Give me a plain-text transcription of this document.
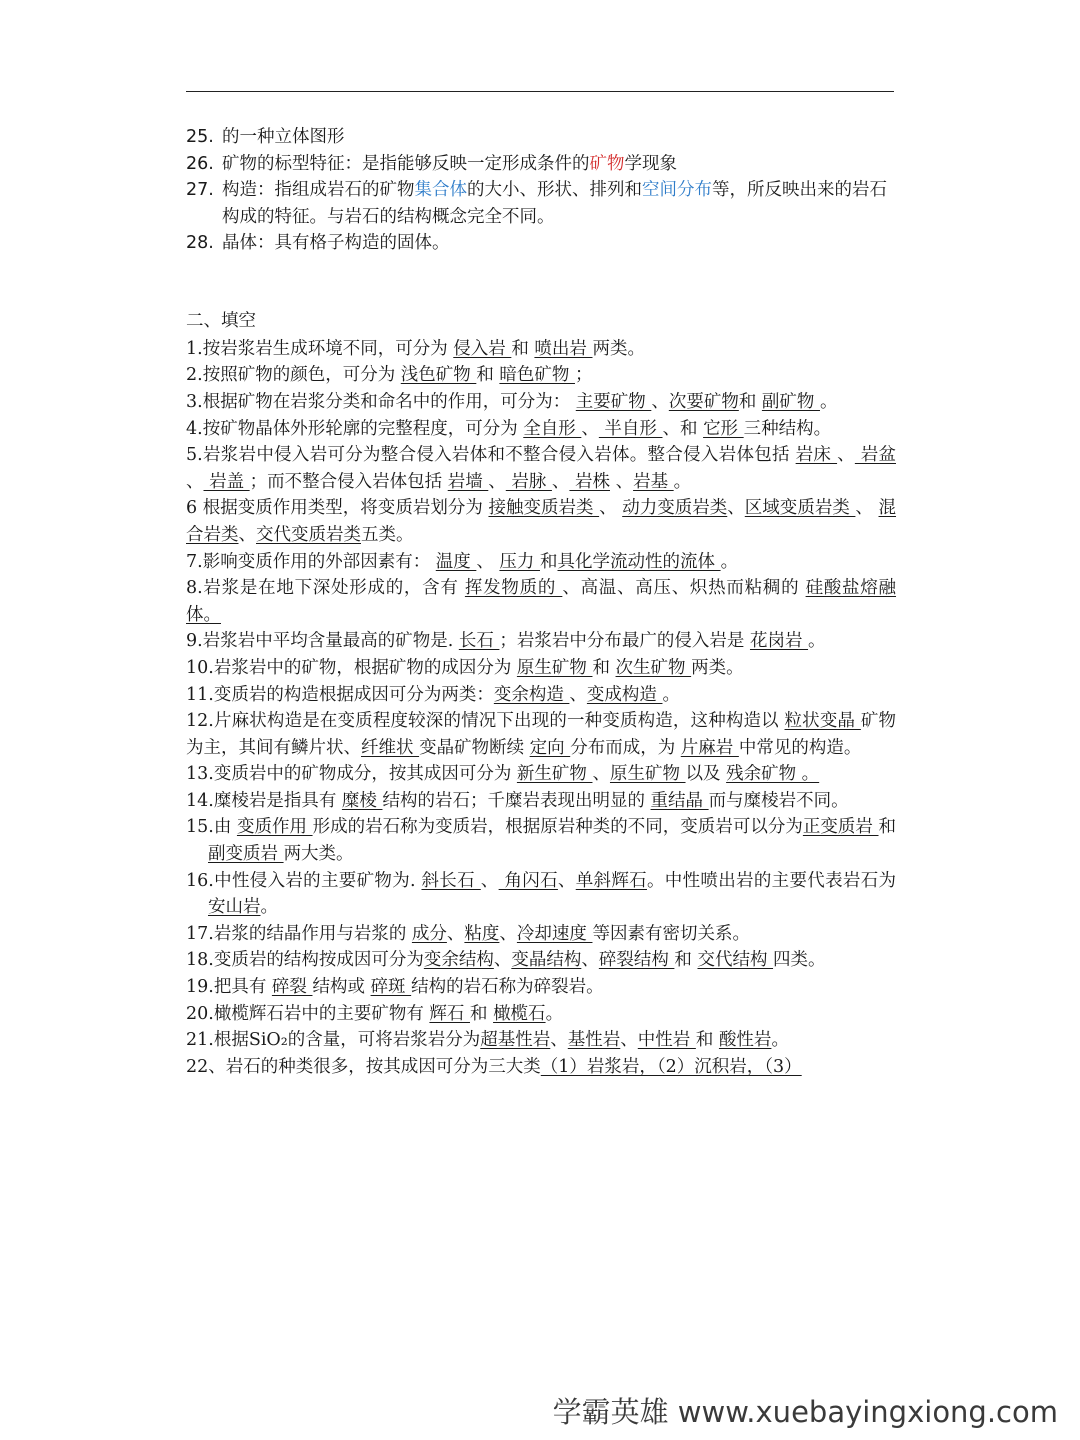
25. 的一种立体图形
26. 矿物的标型特征：是指能够反映一定形成条件的矿物学现象
27. 构造：指组成岩石的矿物集合体的大小、形状、排列和空间分布等，所反映出来的岩石构成的特征。与岩石的结构概念完全不同。
28. 晶体：具有格子构造的固体。
二、填空
1.按岩浆岩生成环境不同，可分为 侵入岩 和 喷出岩 两类。
2.按照矿物的颜色，可分为 浅色矿物 和 暗色矿物 ；
3.根据矿物在岩浆分类和命名中的作用，可分为： 主要矿物 、次要矿物和 副矿物 。
4.按矿物晶体外形轮廓的完整程度，可分为 全自形 、 半自形 、和 它形 三种结构。
5.岩浆岩中侵入岩可分为整合侵入岩体和不整合侵入岩体。整合侵入岩体包括 岩床 、 岩盆 、 岩盖 ；而不整合侵入岩体包括 岩墙 、 岩脉 、 岩株 、岩基 。
6 根据变质作用类型，将变质岩划分为 接触变质岩类 、 动力变质岩类、区域变质岩类 、 混合岩类、交代变质岩类五类。
7.影响变质作用的外部因素有： 温度 、 压力 和具化学流动性的流体 。
8.岩浆是在地下深处形成的，含有 挥发物质的 、高温、高压、炽热而粘稠的 硅酸盐熔融体。
9.岩浆岩中平均含量最高的矿物是. 长石 ；岩浆岩中分布最广的侵入岩是 花岗岩 。
10.岩浆岩中的矿物，根据矿物的成因分为 原生矿物 和 次生矿物 两类。
11.变质岩的构造根据成因可分为两类：变余构造 、变成构造 。
12.片麻状构造是在变质程度较深的情况下出现的一种变质构造，这种构造以 粒状变晶 矿物为主，其间有鳞片状、纤维状 变晶矿物断续 定向 分布而成，为 片麻岩 中常见的构造。
13.变质岩中的矿物成分，按其成因可分为 新生矿物 、原生矿物 以及 残余矿物 。
14.糜棱岩是指具有 糜棱 结构的岩石；千糜岩表现出明显的 重结晶 而与糜棱岩不同。
15.由 变质作用 形成的岩石称为变质岩，根据原岩种类的不同，变质岩可以分为正变质岩 和 副变质岩 两大类。
16.中性侵入岩的主要矿物为. 斜长石 、 角闪石、单斜辉石。中性喷出岩的主要代表岩石为 安山岩。
17.岩浆的结晶作用与岩浆的 成分、粘度、冷却速度 等因素有密切关系。
18.变质岩的结构按成因可分为变余结构、变晶结构、碎裂结构 和 交代结构 四类。
19.把具有 碎裂 结构或 碎斑 结构的岩石称为碎裂岩。
20.橄榄辉石岩中的主要矿物有 辉石 和 橄榄石。
21.根据SiO₂的含量，可将岩浆岩分为超基性岩、基性岩、中性岩 和 酸性岩。
22、岩石的种类很多，按其成因可分为三大类（1）岩浆岩，（2）沉积岩，（3）
学霸英雄 www.xuebayingxiong.com
